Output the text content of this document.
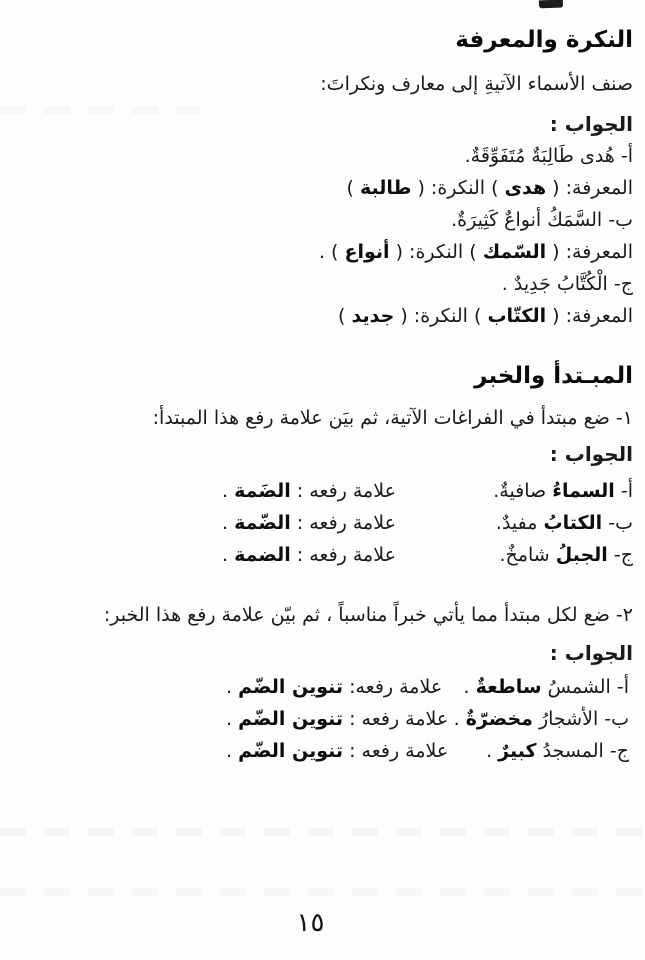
النكرة والمعرفة

صنف الأسماء الآتيةِ إلى معارف ونكراتَ:

الجواب :

أ- هُدى طَالِبَةٌ مُتَفَوِّقَةٌ.

المعرفة: ( هدى ) النكرة: ( طالبة )

ب- السَّمَكُ أنواعٌ كَثِيرَةٌ.

المعرفة: ( السّمك ) النكرة: ( أنواع ) .

ج- الْكُتَّابُ جَدِيدٌ .

المعرفة: ( الكتّاب ) النكرة: ( جديد )

المبـتدأ والخبر

١- ضع مبتدأ في الفراغات الآتية، ثم بيَن علامة رفع هذا المبتدأ:

الجواب :

أ- السماءُ صافيةٌ.

علامة رفعه : الضَمة .

ب- الكتابُ مفيدٌ.

علامة رفعه : الضّمة .

ج- الجبلُ شامخٌ.

علامة رفعه : الضمة .

٢- ضع لكل مبتدأ مما يأتي خبراً مناسباً ، ثم بيّن علامة رفع هذا الخبر:

الجواب :

أ- الشمسُ ساطعةٌ .

علامة رفعه: تنوين الضّم .

ب- الأشجارُ مخضرّةٌ .

علامة رفعه : تنوين الضّم .

ج- المسجدُ كبيرٌ .

علامة رفعه : تنوين الضّم .

١٥
